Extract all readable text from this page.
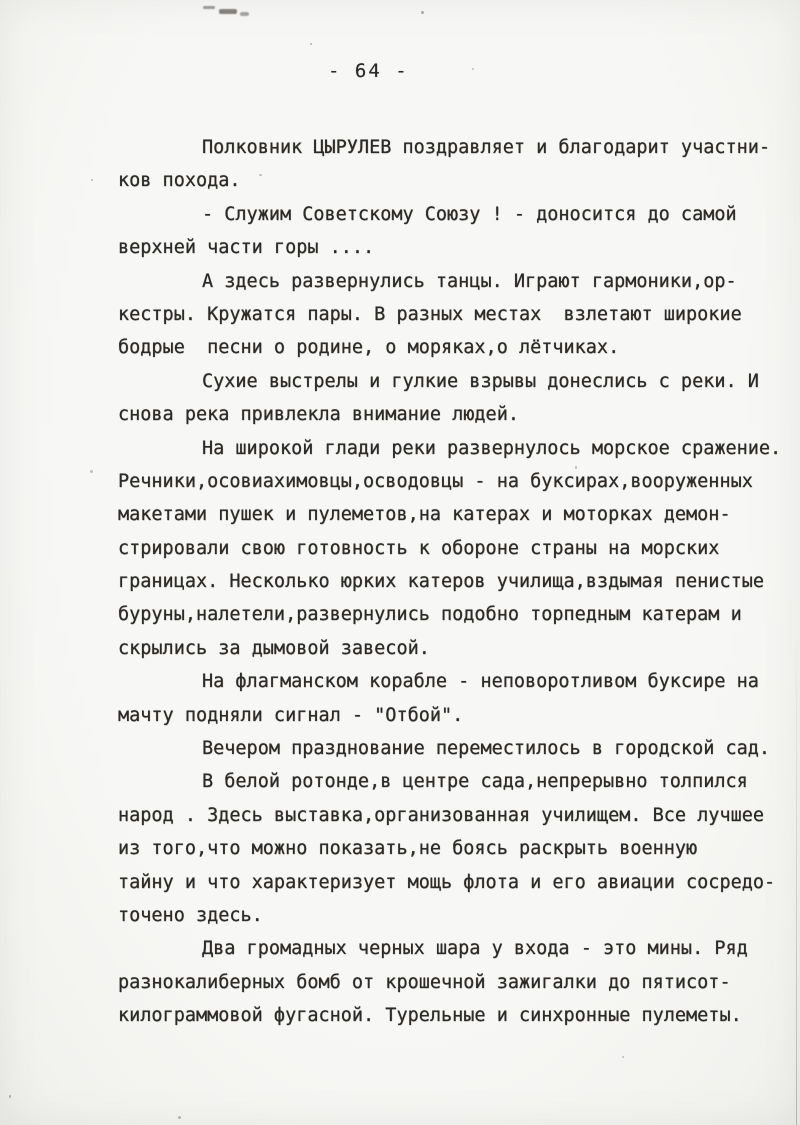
- 64 -
Полковник ЦЫРУЛЕВ поздравляет и благодарит участни-
ков похода.
- Служим Советскому Союзу ! - доносится до самой
верхней части горы ....
А здесь развернулись танцы. Играют гармоники,ор-
кестры. Кружатся пары. В разных местах  взлетают широкие
бодрые  песни о родине, о моряках,о лётчиках.
Сухие выстрелы и гулкие взрывы донеслись с реки. И
снова река привлекла внимание людей.
На широкой глади реки развернулось морское сражение.
Речники,осовиахимовцы,осводовцы - на буксирах,вооруженных
макетами пушек и пулеметов,на катерах и моторках демон-
стрировали свою готовность к обороне страны на морских
границах. Несколько юрких катеров училища,вздымая пенистые
буруны,налетели,развернулись подобно торпедным катерам и
скрылись за дымовой завесой.
На флагманском корабле - неповоротливом буксире на
мачту подняли сигнал - "Отбой".
Вечером празднование переместилось в городской сад.
В белой ротонде,в центре сада,непрерывно толпился
народ . Здесь выставка,организованная училищем. Все лучшее
из того,что можно показать,не боясь раскрыть военную
тайну и что характеризует мощь флота и его авиации сосредо-
точено здесь.
Два громадных черных шара у входа - это мины. Ряд
разнокалиберных бомб от крошечной зажигалки до пятисот-
килограммовой фугасной. Турельные и синхронные пулеметы.
